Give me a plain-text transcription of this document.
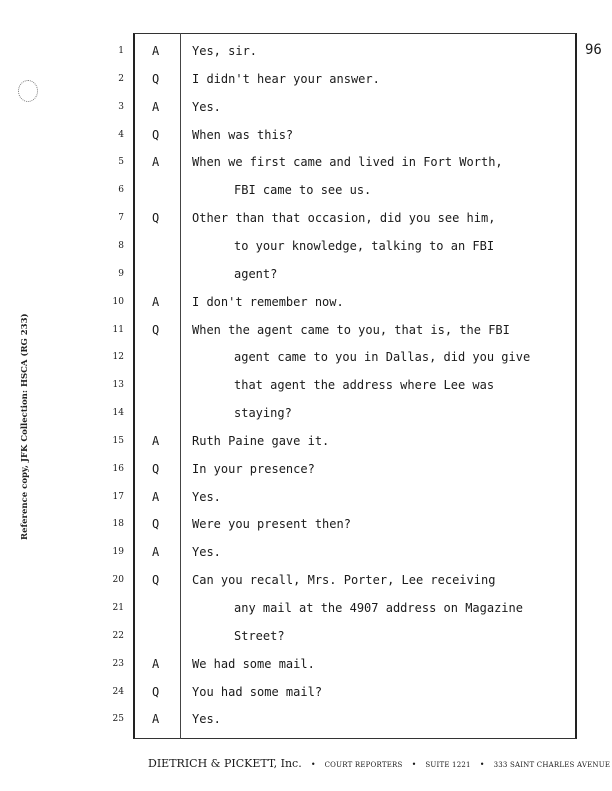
Reference copy, JFK Collection: HSCA (RG 233)
96
1 A	Yes, sir.
2 Q	I didn't hear your answer.
3 A	Yes.
4 Q	When was this?
5 A	When we first came and lived in Fort Worth,
6	FBI came to see us.
7 Q	Other than that occasion, did you see him,
8	to your knowledge, talking to an FBI
9	agent?
10 A	I don't remember now.
11 Q	When the agent came to you, that is, the FBI
12	agent came to you in Dallas, did you give
13	that agent the address where Lee was
14	staying?
15 A	Ruth Paine gave it.
16 Q	In your presence?
17 A	Yes.
18 Q	Were you present then?
19 A	Yes.
20 Q	Can you recall, Mrs. Porter, Lee receiving
21	any mail at the 4907 address on Magazine
22	Street?
23 A	We had some mail.
24 Q	You had some mail?
25 A	Yes.
DIETRICH & PICKETT, Inc. • COURT REPORTERS • SUITE 1221 • 333 SAINT CHARLES AVENUE
